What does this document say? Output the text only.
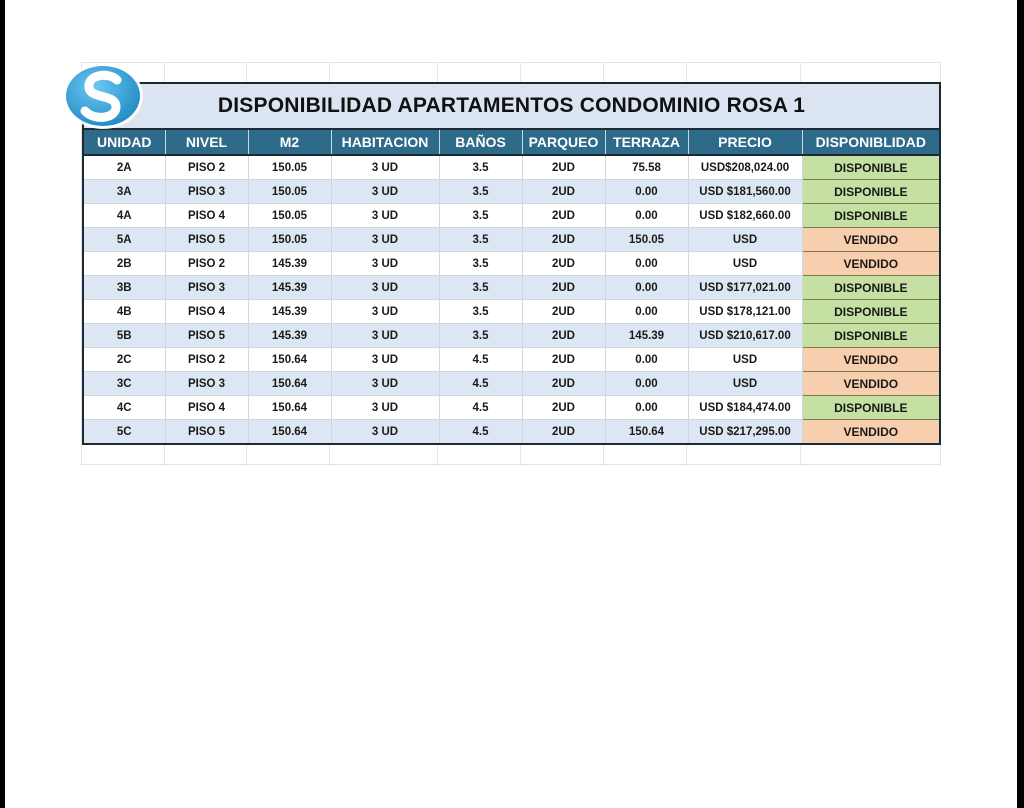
DISPONIBILIDAD APARTAMENTOS CONDOMINIO ROSA 1								
UNIDAD	NIVEL	M2	HABITACION	BAÑOS	PARQUEO	TERRAZA	PRECIO	DISPONIBLIDAD
2A	PISO 2	150.05	3 UD	3.5	2UD	75.58	USD$208,024.00	DISPONIBLE
3A	PISO 3	150.05	3 UD	3.5	2UD	0.00	USD $181,560.00	DISPONIBLE
4A	PISO 4	150.05	3 UD	3.5	2UD	0.00	USD $182,660.00	DISPONIBLE
5A	PISO 5	150.05	3 UD	3.5	2UD	150.05	USD	VENDIDO
2B	PISO 2	145.39	3 UD	3.5	2UD	0.00	USD	VENDIDO
3B	PISO 3	145.39	3 UD	3.5	2UD	0.00	USD $177,021.00	DISPONIBLE
4B	PISO 4	145.39	3 UD	3.5	2UD	0.00	USD $178,121.00	DISPONIBLE
5B	PISO 5	145.39	3 UD	3.5	2UD	145.39	USD $210,617.00	DISPONIBLE
2C	PISO 2	150.64	3 UD	4.5	2UD	0.00	USD	VENDIDO
3C	PISO 3	150.64	3 UD	4.5	2UD	0.00	USD	VENDIDO
4C	PISO 4	150.64	3 UD	4.5	2UD	0.00	USD $184,474.00	DISPONIBLE
5C	PISO 5	150.64	3 UD	4.5	2UD	150.64	USD $217,295.00	VENDIDO
